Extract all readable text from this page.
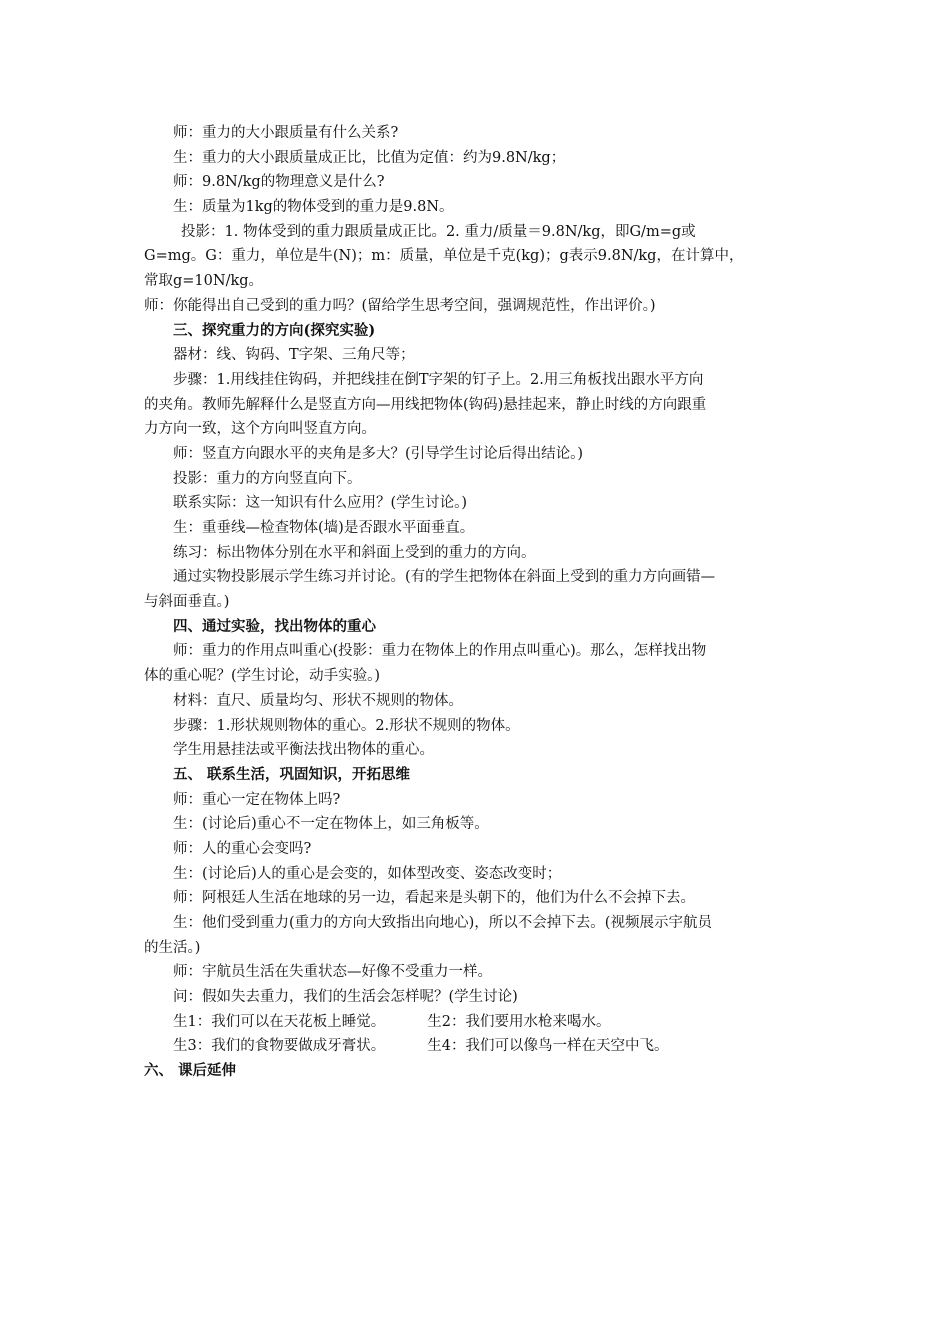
师：重力的大小跟质量有什么关系?
生：重力的大小跟质量成正比，比值为定值：约为9.8N/kg；
师：9.8N/kg的物理意义是什么?
生：质量为1kg的物体受到的重力是9.8N。
投影：1. 物体受到的重力跟质量成正比。2. 重力/质量＝9.8N/kg，即G/m=g或
G=mg。G：重力，单位是牛(N)；m：质量，单位是千克(kg)；g表示9.8N/kg，在计算中，
常取g=10N/kg。
师：你能得出自己受到的重力吗？(留给学生思考空间，强调规范性，作出评价。)
三、探究重力的方向(探究实验)
器材：线、钩码、T字架、三角尺等；
步骤：1.用线挂住钩码，并把线挂在倒T字架的钉子上。2.用三角板找出跟水平方向
的夹角。教师先解释什么是竖直方向—用线把物体(钩码)悬挂起来，静止时线的方向跟重
力方向一致，这个方向叫竖直方向。
师：竖直方向跟水平的夹角是多大？(引导学生讨论后得出结论。)
投影：重力的方向竖直向下。
联系实际：这一知识有什么应用？(学生讨论。)
生：重垂线—检查物体(墙)是否跟水平面垂直。
练习：标出物体分别在水平和斜面上受到的重力的方向。
通过实物投影展示学生练习并讨论。(有的学生把物体在斜面上受到的重力方向画错—
与斜面垂直。)
四、通过实验，找出物体的重心
师：重力的作用点叫重心(投影：重力在物体上的作用点叫重心)。那么，怎样找出物
体的重心呢？(学生讨论，动手实验。)
材料：直尺、质量均匀、形状不规则的物体。
步骤：1.形状规则物体的重心。2.形状不规则的物体。
学生用悬挂法或平衡法找出物体的重心。
五、 联系生活，巩固知识，开拓思维
师：重心一定在物体上吗?
生：(讨论后)重心不一定在物体上，如三角板等。
师：人的重心会变吗?
生：(讨论后)人的重心是会变的，如体型改变、姿态改变时；
师：阿根廷人生活在地球的另一边，看起来是头朝下的，他们为什么不会掉下去。
生：他们受到重力(重力的方向大致指出向地心)，所以不会掉下去。(视频展示宇航员
的生活。)
师：宇航员生活在失重状态—好像不受重力一样。
问：假如失去重力，我们的生活会怎样呢？(学生讨论)
生1：我们可以在天花板上睡觉。	生2：我们要用水枪来喝水。
生3：我们的食物要做成牙膏状。	生4：我们可以像鸟一样在天空中飞。
六、 课后延伸
